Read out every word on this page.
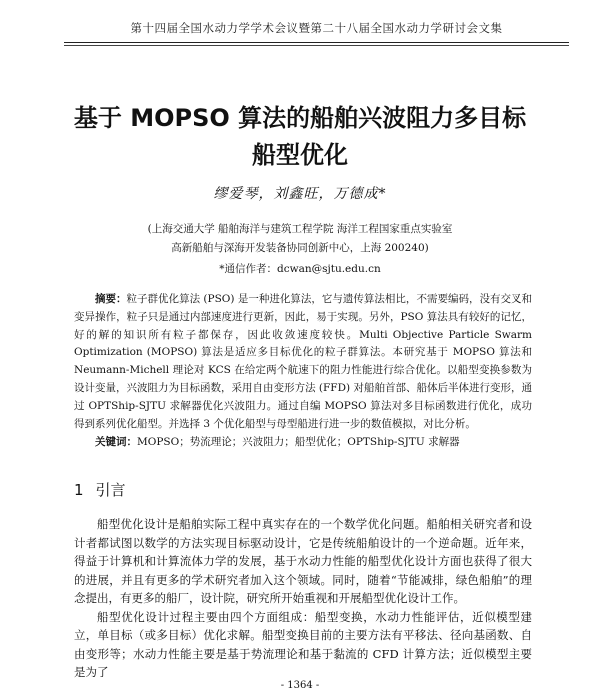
第十四届全国水动力学学术会议暨第二十八届全国水动力学研讨会文集
基于 MOPSO 算法的船舶兴波阻力多目标
船型优化
缪爱琴，刘鑫旺，万德成*
(上海交通大学 船舶海洋与建筑工程学院 海洋工程国家重点实验室
高新船舶与深海开发装备协同创新中心，上海 200240)
*通信作者：dcwan@sjtu.edu.cn
摘要：粒子群优化算法 (PSO) 是一种进化算法，它与遗传算法相比，不需要编码，没有交叉和变异操作，粒子只是通过内部速度进行更新，因此，易于实现。另外，PSO 算法具有较好的记忆，好的解的知识所有粒子都保存，因此收敛速度较快。Multi Objective Particle Swarm Optimization (MOPSO) 算法是适应多目标优化的粒子群算法。本研究基于 MOPSO 算法和 Neumann-Michell 理论对 KCS 在给定两个航速下的阻力性能进行综合优化。以船型变换参数为设计变量，兴波阻力为目标函数，采用自由变形方法 (FFD) 对船舶首部、船体后半体进行变形，通过 OPTShip-SJTU 求解器优化兴波阻力。通过自编 MOPSO 算法对多目标函数进行优化，成功得到系列优化船型。并选择 3 个优化船型与母型船进行进一步的数值模拟，对比分析。
关键词：MOPSO；势流理论；兴波阻力；船型优化；OPTShip-SJTU 求解器
1 引言

船型优化设计是船舶实际工程中真实存在的一个数学优化问题。船舶相关研究者和设计者都试图以数学的方法实现目标驱动设计，它是传统船舶设计的一个逆命题。近年来，得益于计算机和计算流体力学的发展，基于水动力性能的船型优化设计方面也获得了很大的进展，并且有更多的学术研究者加入这个领域。同时，随着“节能减排，绿色船舶”的理念提出，有更多的船厂，设计院，研究所开始重视和开展船型优化设计工作。

船型优化设计过程主要由四个方面组成：船型变换，水动力性能评估，近似模型建立，单目标（或多目标）优化求解。船型变换目前的主要方法有平移法、径向基函数、自由变形等；水动力性能主要是基于势流理论和基于黏流的 CFD 计算方法；近似模型主要是为了

- 1364 -
